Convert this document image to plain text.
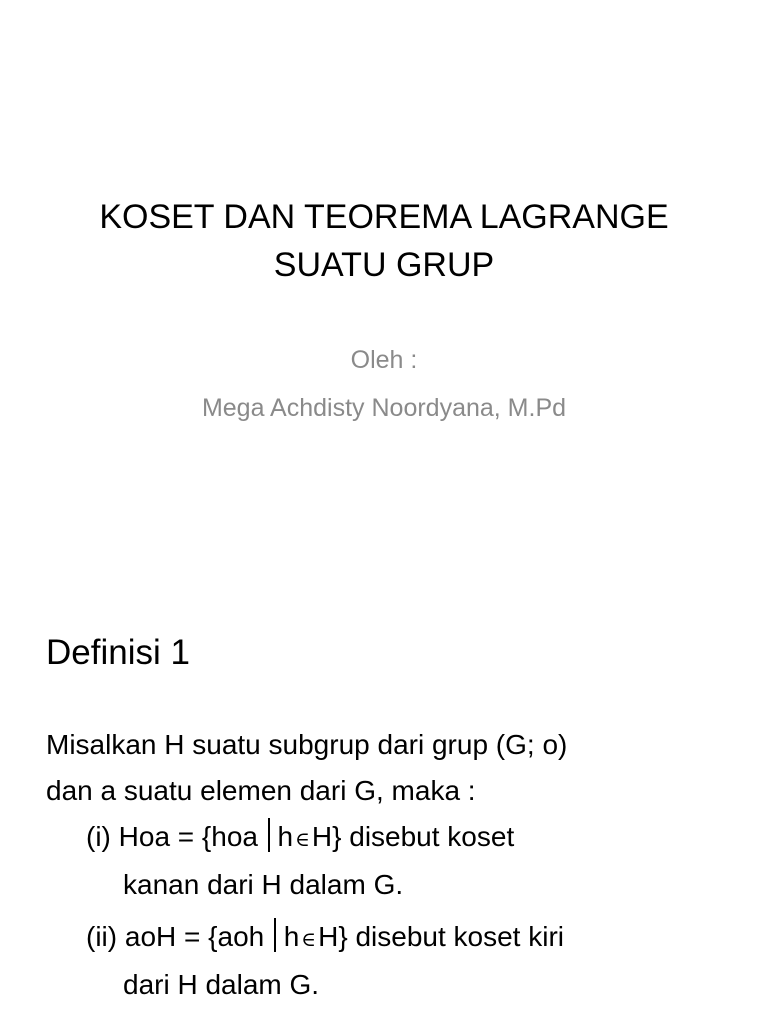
KOSET DAN TEOREMA LAGRANGE
SUATU GRUP
Oleh :
Mega Achdisty Noordyana, M.Pd
Definisi 1
Misalkan H suatu subgrup dari grup (G; o)
dan a suatu elemen dari G, maka :
(i) Hoa = {hoa h ∈H} disebut koset
kanan dari H dalam G.
(ii) aoH = {aoh h ∈H} disebut koset kiri
dari H dalam G.
